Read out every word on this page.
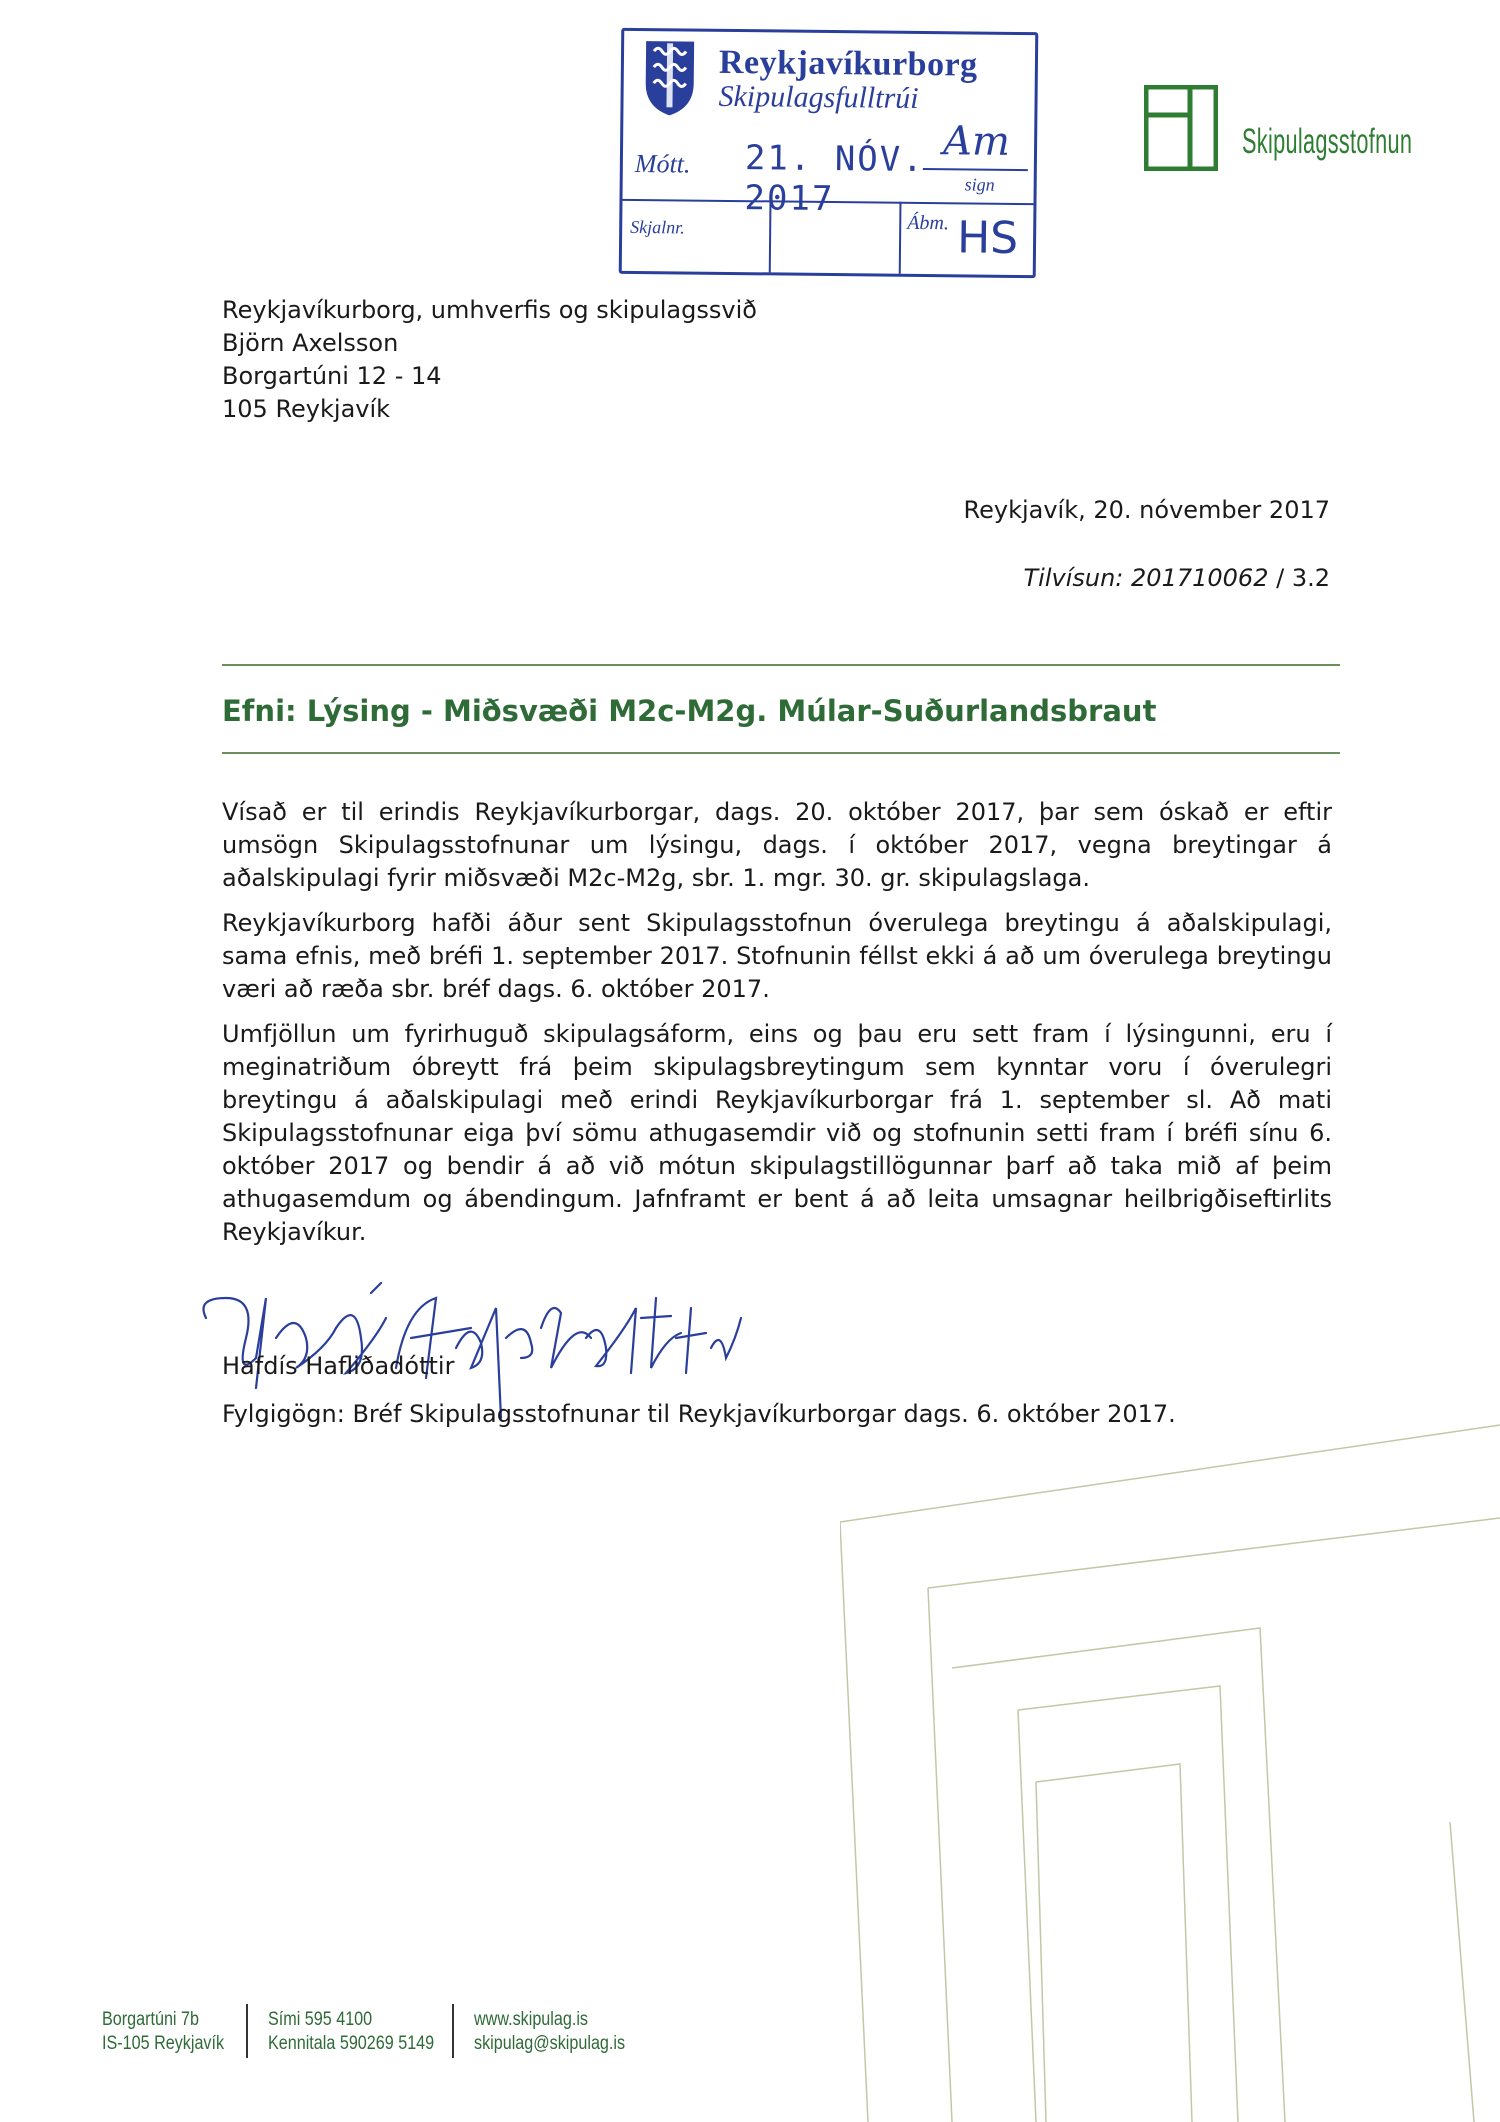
Reykjavíkurborg
Skipulagsfulltrúi
Mótt. 21. NÓV. 2017
Am
sign
Skjalnr.	Ábm. HS
Skipulagsstofnun
Reykjavíkurborg, umhverfis og skipulagssvið
Björn Axelsson
Borgartúni 12 - 14
105 Reykjavík
Reykjavík, 20. nóvember 2017
Tilvísun: 201710062 / 3.2
Efni: Lýsing - Miðsvæði M2c-M2g. Múlar-Suðurlandsbraut

Vísað er til erindis Reykjavíkurborgar, dags. 20. október 2017, þar sem óskað er eftir umsögn Skipulagsstofnunar um lýsingu, dags. í október 2017, vegna breytingar á aðalskipulagi fyrir miðsvæði M2c-M2g, sbr. 1. mgr. 30. gr. skipulagslaga.

Reykjavíkurborg hafði áður sent Skipulagsstofnun óverulega breytingu á aðalskipulagi, sama efnis, með bréfi 1. september 2017. Stofnunin féllst ekki á að um óverulega breytingu væri að ræða sbr. bréf dags. 6. október 2017.

Umfjöllun um fyrirhuguð skipulagsáform, eins og þau eru sett fram í lýsingunni, eru í meginatriðum óbreytt frá þeim skipulagsbreytingum sem kynntar voru í óverulegri breytingu á aðalskipulagi með erindi Reykjavíkurborgar frá 1. september sl. Að mati Skipulagsstofnunar eiga því sömu athugasemdir við og stofnunin setti fram í bréfi sínu 6. október 2017 og bendir á að við mótun skipulagstillögunnar þarf að taka mið af þeim athugasemdum og ábendingum. Jafnframt er bent á að leita umsagnar heilbrigðiseftirlits Reykjavíkur.

Hafdís Hafliðadóttir
Fylgigögn: Bréf Skipulagsstofnunar til Reykjavíkurborgar dags. 6. október 2017.
Borgartúni 7b
IS-105 Reykjavík
Sími 595 4100
Kennitala 590269 5149
www.skipulag.is
skipulag@skipulag.is
